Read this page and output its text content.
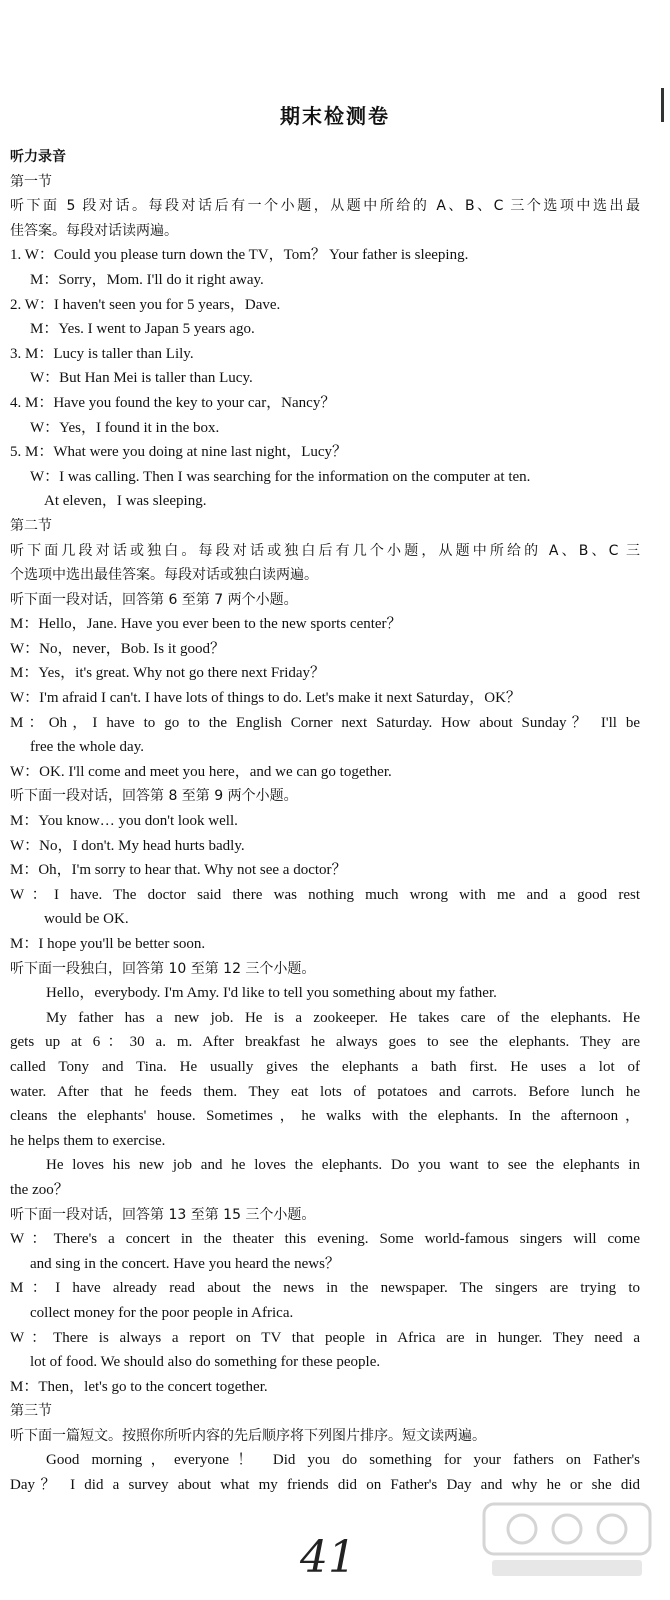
期末检测卷
听力录音
第一节
听下面 5 段对话。每段对话后有一个小题，从题中所给的 A、B、C 三个选项中选出最
佳答案。每段对话读两遍。
1. W：Could you please turn down the TV，Tom？ Your father is sleeping.
M：Sorry，Mom. I'll do it right away.
2. W：I haven't seen you for 5 years，Dave.
M：Yes. I went to Japan 5 years ago.
3. M：Lucy is taller than Lily.
W：But Han Mei is taller than Lucy.
4. M：Have you found the key to your car，Nancy？
W：Yes，I found it in the box.
5. M：What were you doing at nine last night，Lucy？
W：I was calling. Then I was searching for the information on the computer at ten.
At eleven，I was sleeping.
第二节
听下面几段对话或独白。每段对话或独白后有几个小题，从题中所给的 A、B、C 三
个选项中选出最佳答案。每段对话或独白读两遍。
听下面一段对话，回答第 6 至第 7 两个小题。
M：Hello，Jane. Have you ever been to the new sports center？
W：No，never，Bob. Is it good？
M：Yes，it's great. Why not go there next Friday？
W：I'm afraid I can't. I have lots of things to do. Let's make it next Saturday，OK？
M：Oh，I have to go to the English Corner next Saturday. How about Sunday？ I'll be
free the whole day.
W：OK. I'll come and meet you here，and we can go together.
听下面一段对话，回答第 8 至第 9 两个小题。
M：You know… you don't look well.
W：No，I don't. My head hurts badly.
M：Oh，I'm sorry to hear that. Why not see a doctor？
W：I have. The doctor said there was nothing much wrong with me and a good rest
would be OK.
M：I hope you'll be better soon.
听下面一段独白，回答第 10 至第 12 三个小题。
Hello，everybody. I'm Amy. I'd like to tell you something about my father.
My father has a new job. He is a zookeeper. He takes care of the elephants. He
gets up at 6：30 a. m. After breakfast he always goes to see the elephants. They are
called Tony and Tina. He usually gives the elephants a bath first. He uses a lot of
water. After that he feeds them. They eat lots of potatoes and carrots. Before lunch he
cleans the elephants' house. Sometimes，he walks with the elephants. In the afternoon，
he helps them to exercise.
He loves his new job and he loves the elephants. Do you want to see the elephants in
the zoo？
听下面一段对话，回答第 13 至第 15 三个小题。
W：There's a concert in the theater this evening. Some world-famous singers will come
and sing in the concert. Have you heard the news？
M：I have already read about the news in the newspaper. The singers are trying to
collect money for the poor people in Africa.
W：There is always a report on TV that people in Africa are in hunger. They need a
lot of food. We should also do something for these people.
M：Then，let's go to the concert together.
第三节
听下面一篇短文。按照你所听内容的先后顺序将下列图片排序。短文读两遍。
Good morning，everyone！ Did you do something for your fathers on Father's
Day？ I did a survey about what my friends did on Father's Day and why he or she did
41
